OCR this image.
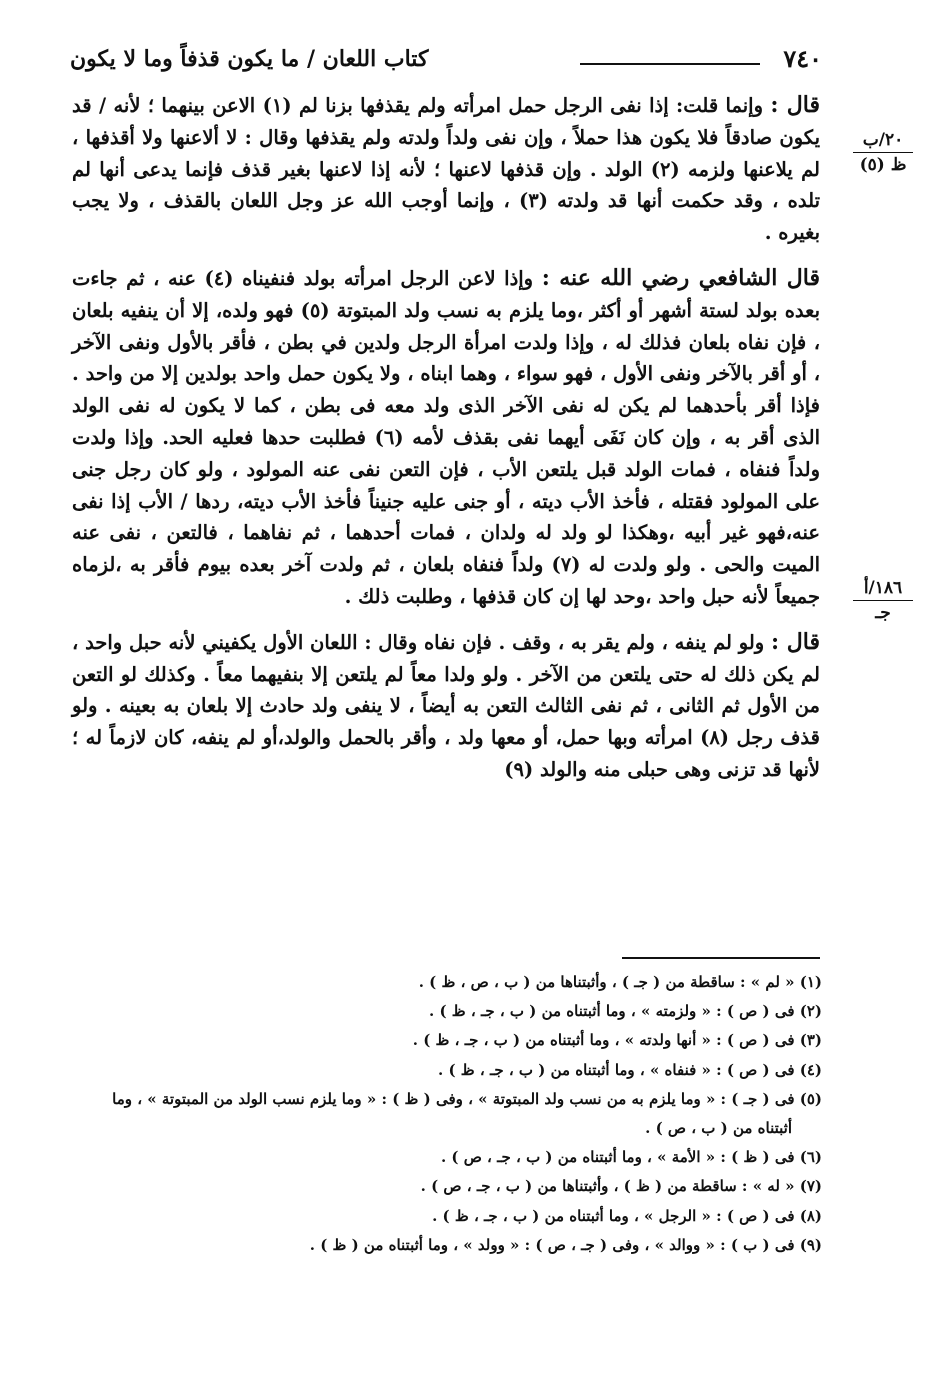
٧٤٠
كتاب اللعان / ما يكون قذفاً وما لا يكون
٢٠/ب
ظ (٥)
١٨٦/أ
جـ

قال : وإنما قلت: إذا نفى الرجل حمل امرأته ولم يقذفها بزنا لم (١) الاعن بينهما ؛ لأنه / قد يكون صادقاً فلا يكون هذا حملاً ، وإن نفى ولداً ولدته ولم يقذفها وقال : لا ألاعنها ولا أقذفها ، لم يلاعنها ولزمه (٢) الولد . وإن قذفها لاعنها ؛ لأنه إذا لاعنها بغير قذف فإنما يدعى أنها لم تلده ، وقد حكمت أنها قد ولدته (٣) ، وإنما أوجب الله عز وجل اللعان بالقذف ، ولا يجب بغيره .

قال الشافعي رضي الله عنه : وإذا لاعن الرجل امرأته بولد فنفيناه (٤) عنه ، ثم جاءت بعده بولد لستة أشهر أو أكثر ،وما يلزم به نسب ولد المبتوتة (٥) فهو ولده، إلا أن ينفيه بلعان ، فإن نفاه بلعان فذلك له ، وإذا ولدت امرأة الرجل ولدين في بطن ، فأقر بالأول ونفى الآخر ، أو أقر بالآخر ونفى الأول ، فهو سواء ، وهما ابناه ، ولا يكون حمل واحد بولدين إلا من واحد . فإذا أقر بأحدهما لم يكن له نفى الآخر الذى ولد معه فى بطن ، كما لا يكون له نفى الولد الذى أقر به ، وإن كان نَفَى أيهما نفى بقذف لأمه (٦) فطلبت حدها فعليه الحد. وإذا ولدت ولداً فنفاه ، فمات الولد قبل يلتعن الأب ، فإن التعن نفى عنه المولود ، ولو كان رجل جنى على المولود فقتله ، فأخذ الأب ديته ، أو جنى عليه جنيناً فأخذ الأب ديته، ردها / الأب إذا نفى عنه،فهو غير أبيه ،وهكذا لو ولد له ولدان ، فمات أحدهما ، ثم نفاهما ، فالتعن ، نفى عنه الميت والحى . ولو ولدت له (٧) ولداً فنفاه بلعان ، ثم ولدت آخر بعده بيوم فأقر به ،لزماه جميعاً لأنه حبل واحد ،وحد لها إن كان قذفها ، وطلبت ذلك .

قال : ولو لم ينفه ، ولم يقر به ، وقف . فإن نفاه وقال : اللعان الأول يكفيني لأنه حبل واحد ، لم يكن ذلك له حتى يلتعن من الآخر . ولو ولدا معاً لم يلتعن إلا بنفيهما معاً . وكذلك لو التعن من الأول ثم الثانى ، ثم نفى الثالث التعن به أيضاً ، لا ينفى ولد حادث إلا بلعان به بعينه . ولو قذف رجل (٨) امرأته وبها حمل، أو معها ولد ، وأقر بالحمل والولد،أو لم ينفه، كان لازماً له ؛ لأنها قد تزنى وهى حبلى منه والولد (٩)

(١) « لم » : ساقطة من ( جـ ) ، وأثبتناها من ( ب ، ص ، ظ ) .

(٢) فى ( ص ) : « ولزمته » ، وما أثبتناه من ( ب ، جـ ، ظ ) .

(٣) فى ( ص ) : « أنها ولدته » ، وما أثبتناه من ( ب ، جـ ، ظ ) .

(٤) فى ( ص ) : « فنفاه » ، وما أثبتناه من ( ب ، جـ ، ظ ) .

(٥) فى ( جـ ) : « وما يلزم به من نسب ولد المبتوتة » ، وفى ( ظ ) : « وما يلزم نسب الولد من المبتوتة » ، وما

أثبتناه من ( ب ، ص ) .

(٦) فى ( ظ ) : « الأمة » ، وما أثبتناه من ( ب ، جـ ، ص ) .

(٧) « له » : ساقطة من ( ظ ) ، وأثبتناها من ( ب ، جـ ، ص ) .

(٨) فى ( ص ) : « الرجل » ، وما أثبتناه من ( ب ، جـ ، ظ ) .

(٩) فى ( ب ) : « ووالد » ، وفى ( جـ ، ص ) : « وولد » ، وما أثبتناه من ( ظ ) .
